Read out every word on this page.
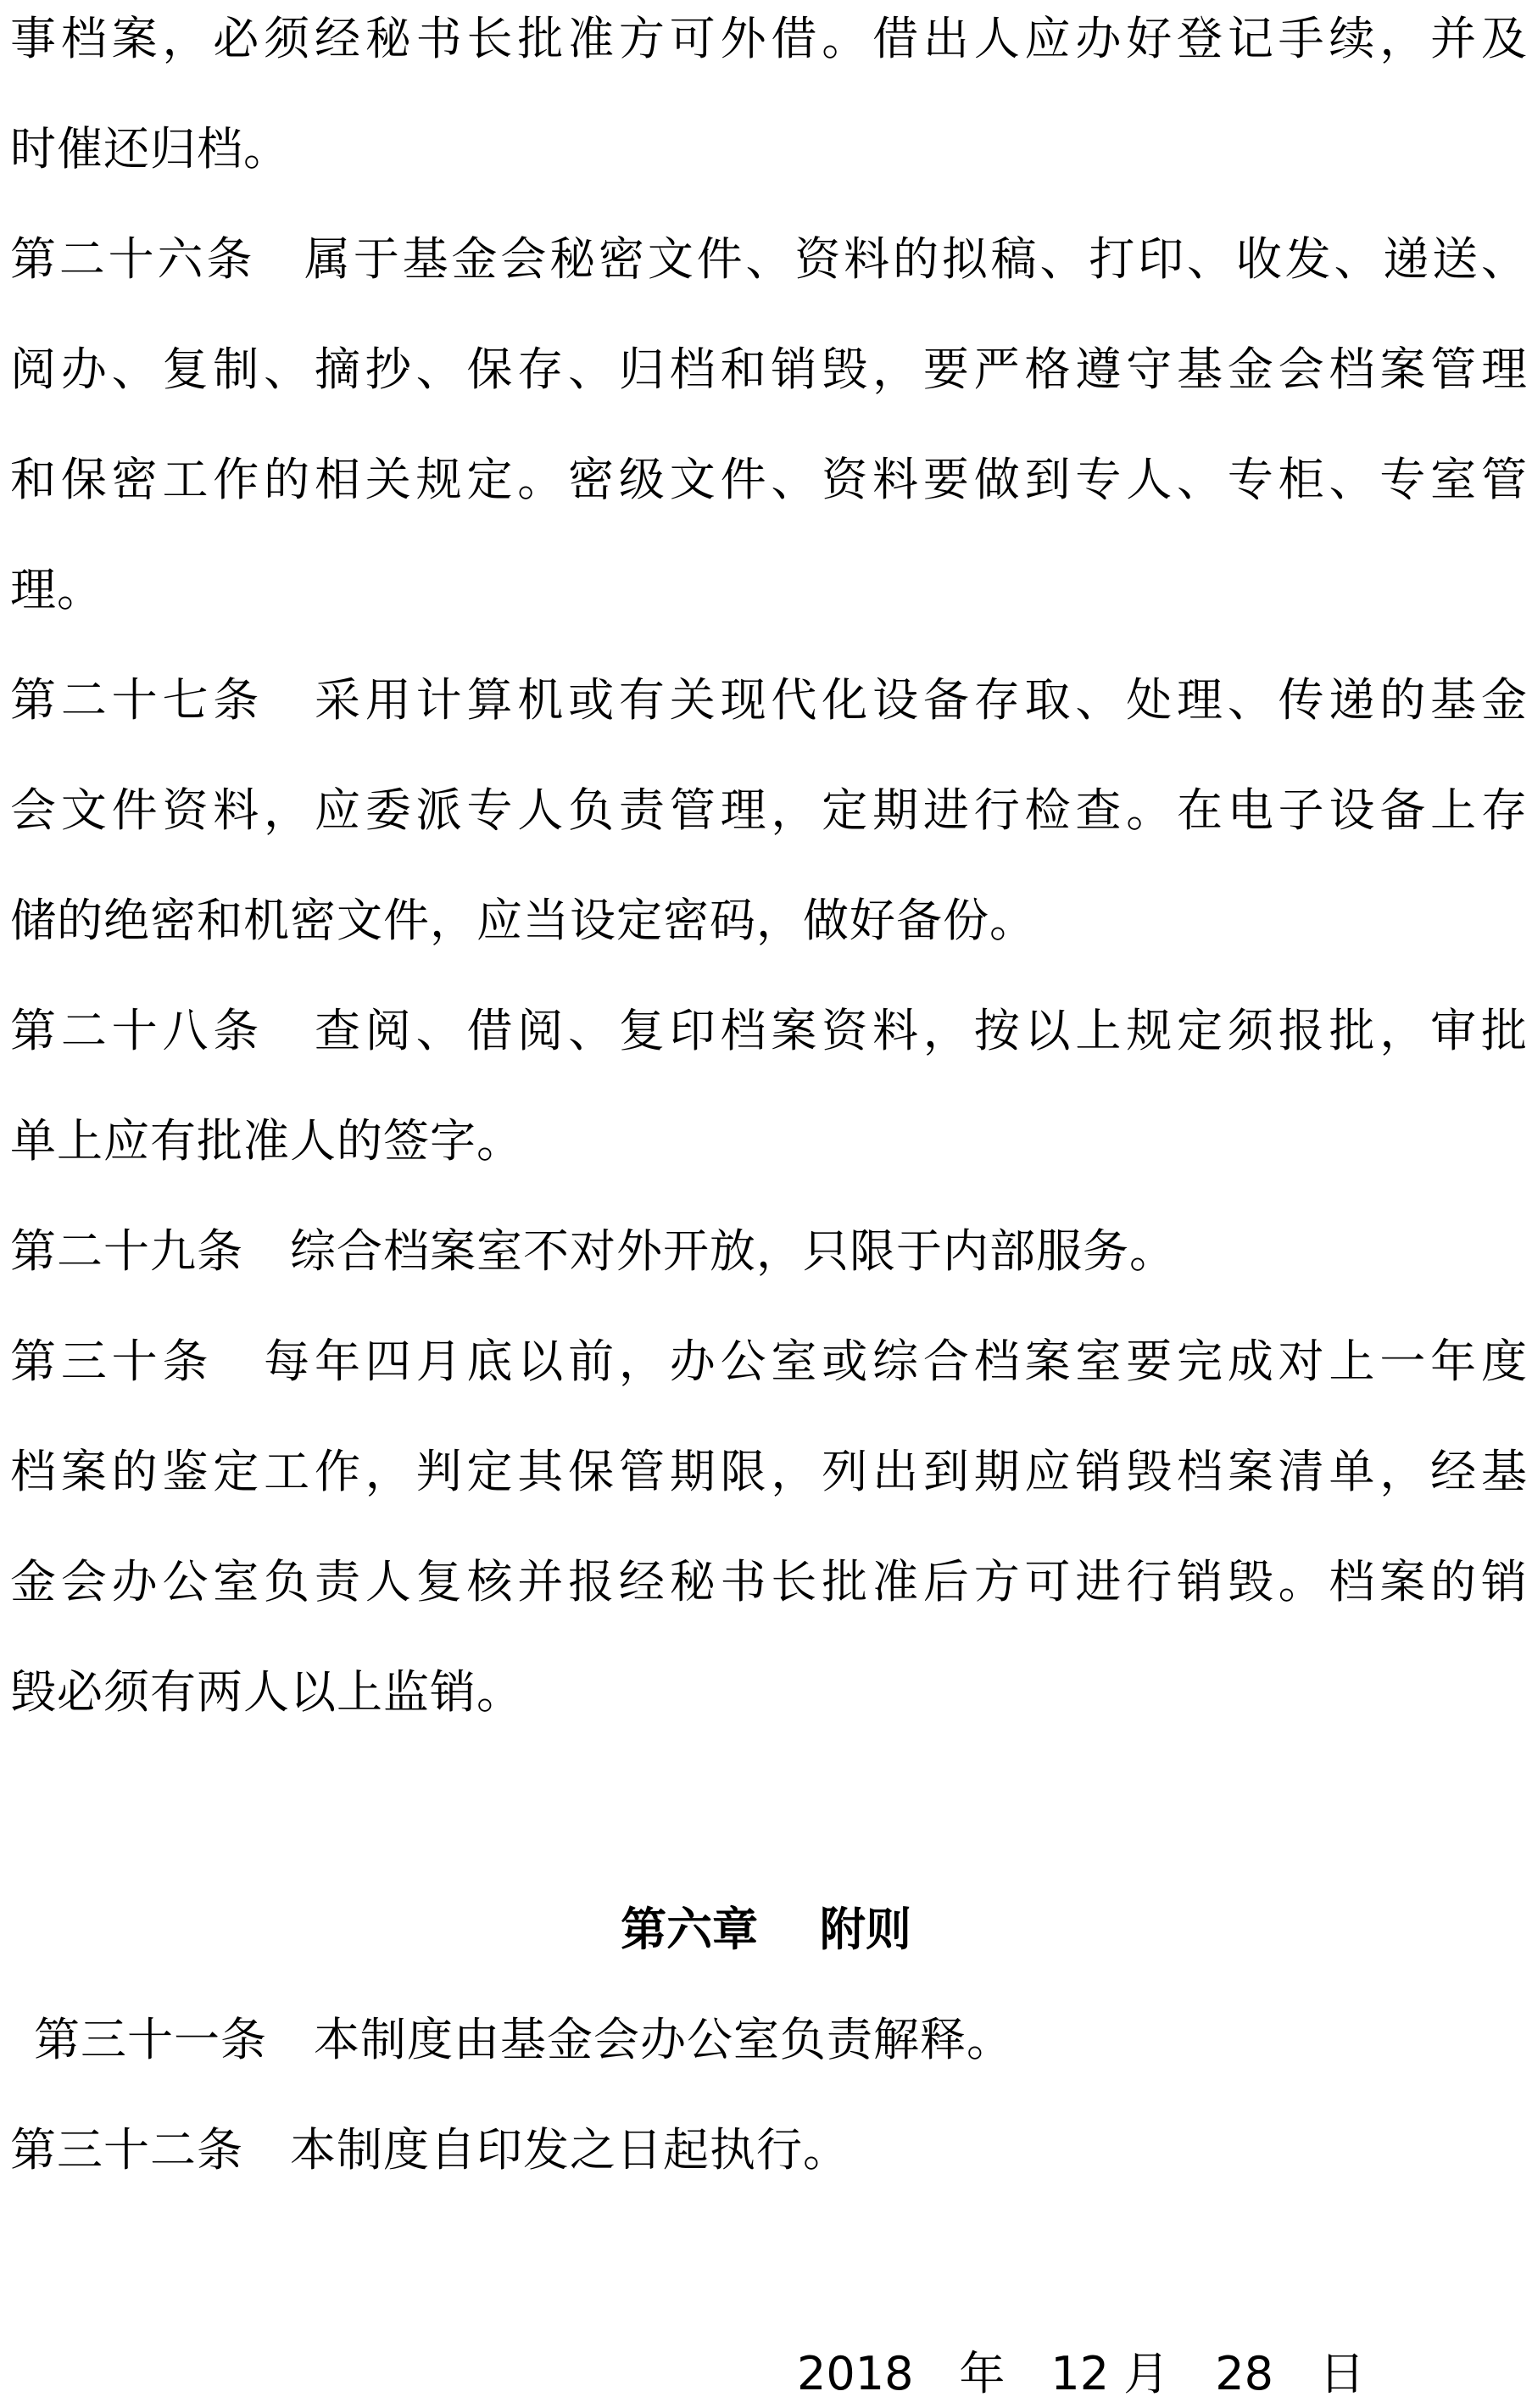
事档案，必须经秘书长批准方可外借。借出人应办好登记手续，并及
时催还归档。
第二十六条　属于基金会秘密文件、资料的拟稿、打印、收发、递送、
阅办、复制、摘抄、保存、归档和销毁，要严格遵守基金会档案管理
和保密工作的相关规定。密级文件、资料要做到专人、专柜、专室管
理。
第二十七条　采用计算机或有关现代化设备存取、处理、传递的基金
会文件资料，应委派专人负责管理，定期进行检查。在电子设备上存
储的绝密和机密文件，应当设定密码，做好备份。
第二十八条　查阅、借阅、复印档案资料，按以上规定须报批，审批
单上应有批准人的签字。
第二十九条　综合档案室不对外开放，只限于内部服务。
第三十条　每年四月底以前，办公室或综合档案室要完成对上一年度
档案的鉴定工作，判定其保管期限，列出到期应销毁档案清单，经基
金会办公室负责人复核并报经秘书长批准后方可进行销毁。档案的销
毁必须有两人以上监销。
第六章　 附则
第三十一条　本制度由基金会办公室负责解释。
第三十二条　本制度自印发之日起执行。
2018　年　12 月　28　日
